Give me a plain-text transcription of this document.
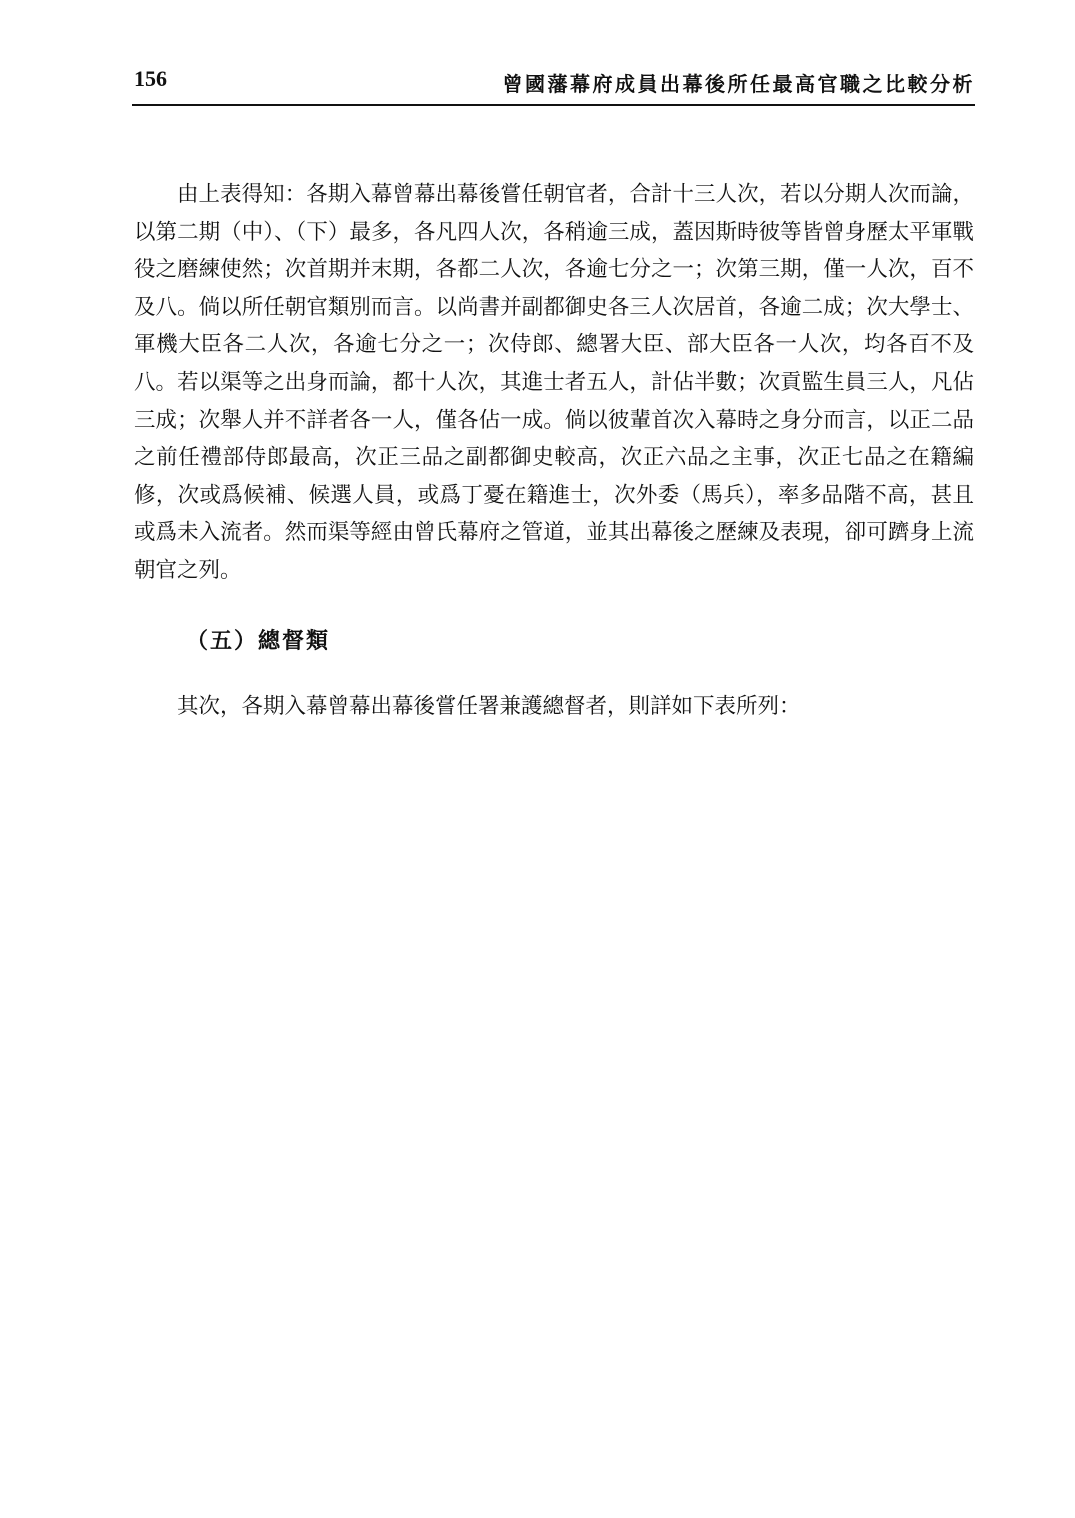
156	曾國藩幕府成員出幕後所任最高官職之比較分析

由上表得知：各期入幕曾幕出幕後嘗任朝官者，合計十三人次，若以分期人次而論，以第二期（中）、（下）最多，各凡四人次，各稍逾三成，蓋因斯時彼等皆曾身歷太平軍戰役之磨練使然；次首期并末期，各都二人次，各逾七分之一；次第三期，僅一人次，百不及八。倘以所任朝官類別而言。以尚書并副都御史各三人次居首，各逾二成；次大學士、軍機大臣各二人次，各逾七分之一；次侍郎、總署大臣、部大臣各一人次，均各百不及八。若以渠等之出身而論，都十人次，其進士者五人，計佔半數；次貢監生員三人，凡佔三成；次舉人并不詳者各一人，僅各佔一成。倘以彼輩首次入幕時之身分而言，以正二品之前任禮部侍郎最高，次正三品之副都御史較高，次正六品之主事，次正七品之在籍編修，次或爲候補、候選人員，或爲丁憂在籍進士，次外委（馬兵），率多品階不高，甚且或爲未入流者。然而渠等經由曾氏幕府之管道，並其出幕後之歷練及表現，卻可躋身上流朝官之列。

（五）總督類

其次，各期入幕曾幕出幕後嘗任署兼護總督者，則詳如下表所列：
